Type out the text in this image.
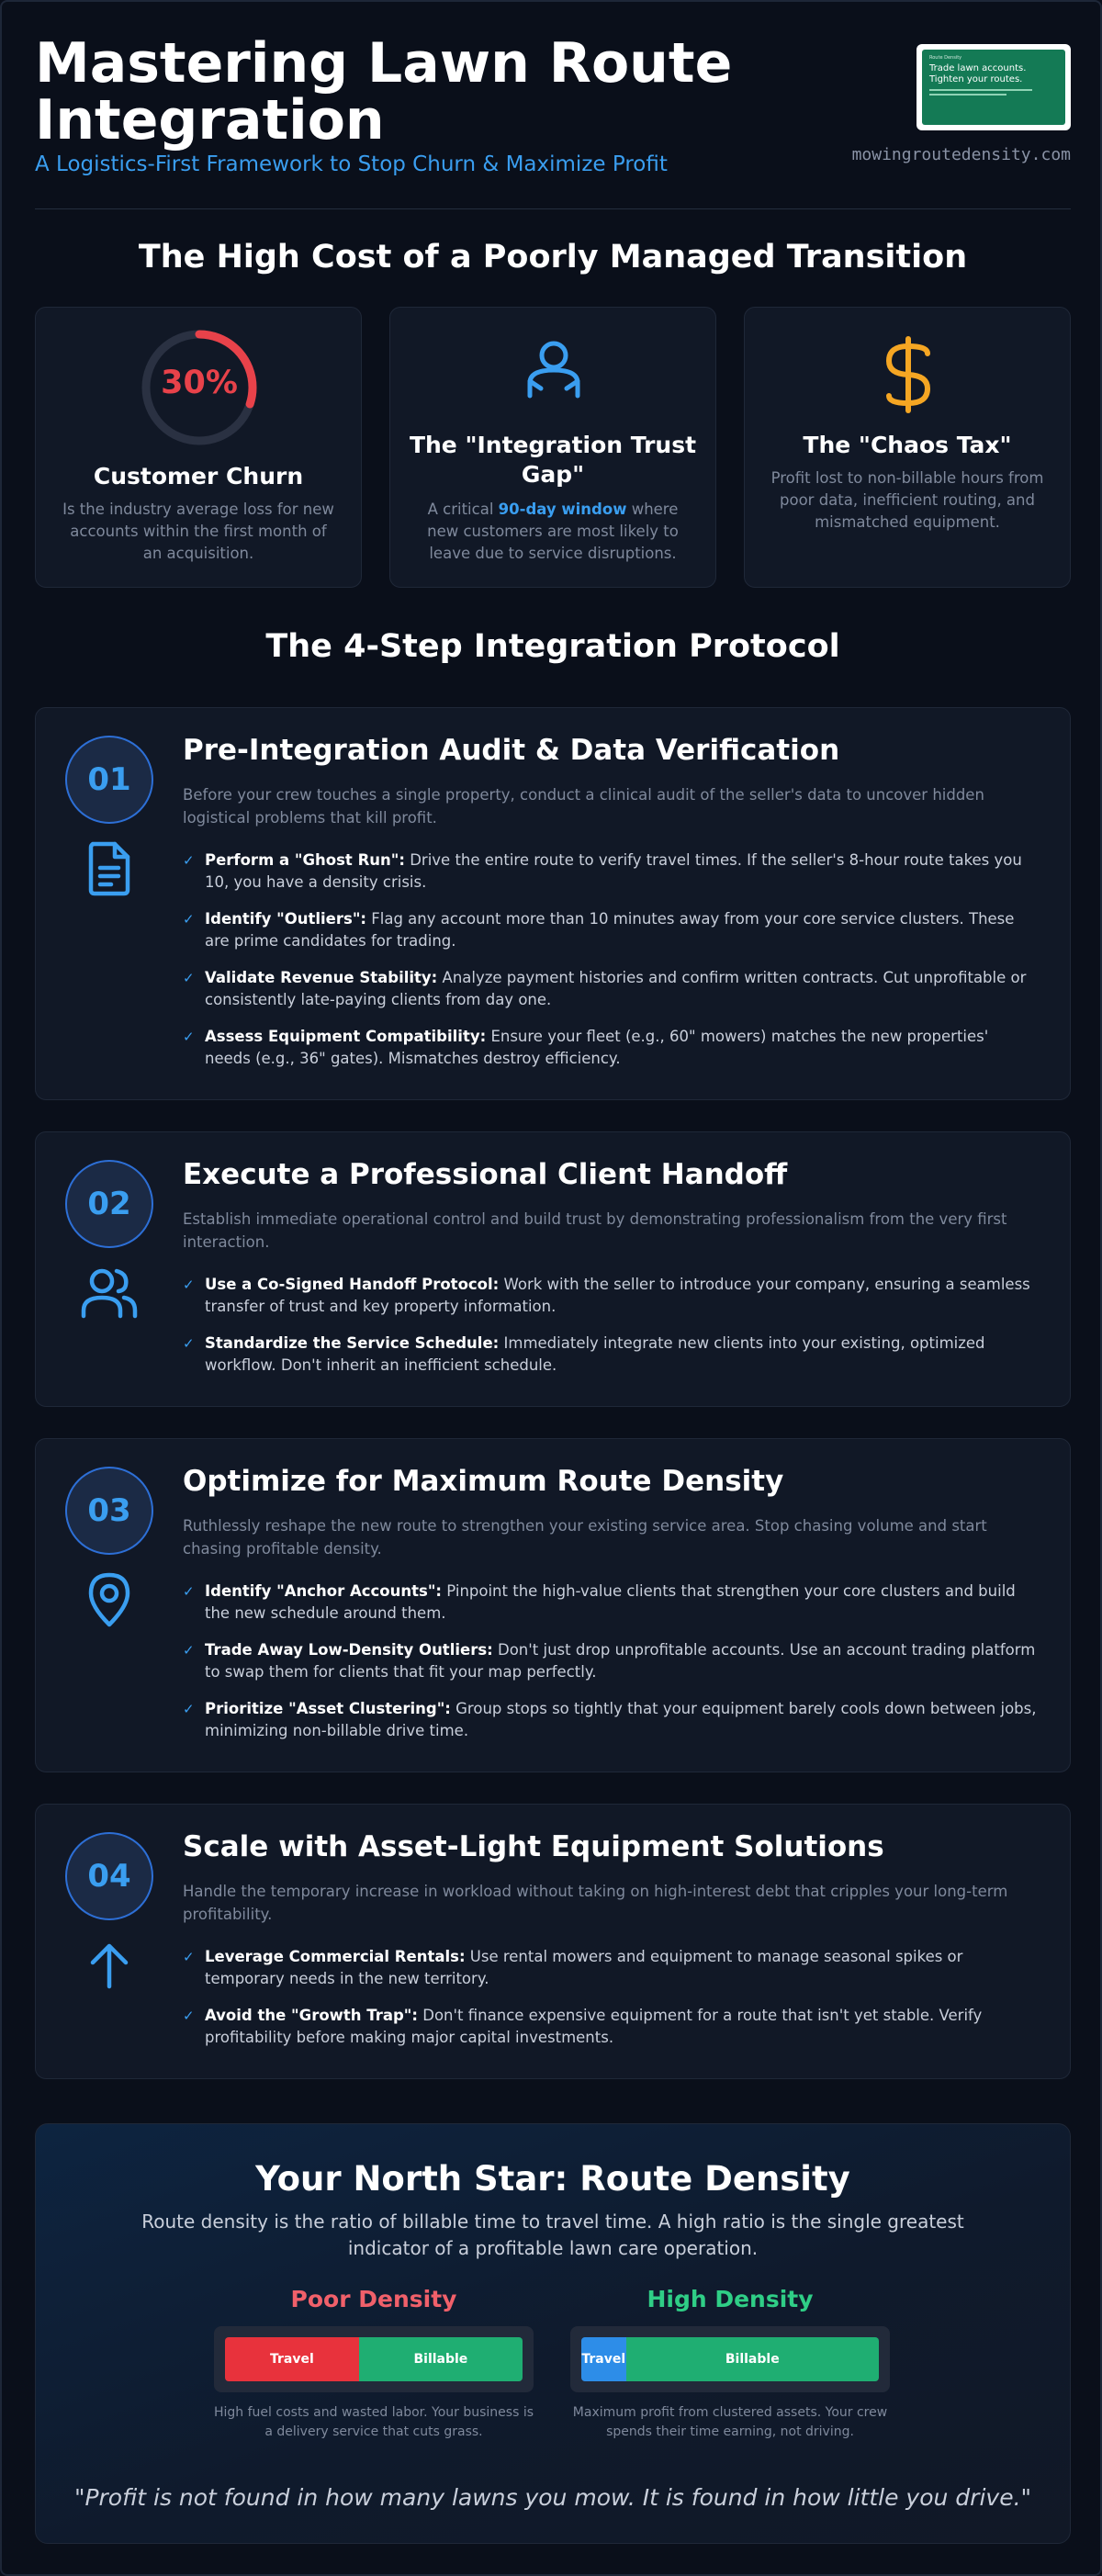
Mastering Lawn Route Integration
A Logistics-First Framework to Stop Churn & Maximize Profit
Route Density
Trade lawn accounts. Tighten your routes.
mowingroutedensity.com
The High Cost of a Poorly Managed Transition
30%
Customer Churn

Is the industry average loss for new accounts within the first month of an acquisition.

The "Integration Trust Gap"

A critical 90-day window where new customers are most likely to leave due to service disruptions.

The "Chaos Tax"

Profit lost to non-billable hours from poor data, inefficient routing, and mismatched equipment.

The 4-Step Integration Protocol
01
Pre-Integration Audit & Data Verification
Before your crew touches a single property, conduct a clinical audit of the seller's data to uncover hidden logistical problems that kill profit.
✓ Perform a "Ghost Run": Drive the entire route to verify travel times. If the seller's 8-hour route takes you 10, you have a density crisis.
✓ Identify "Outliers": Flag any account more than 10 minutes away from your core service clusters. These are prime candidates for trading.
✓ Validate Revenue Stability: Analyze payment histories and confirm written contracts. Cut unprofitable or consistently late-paying clients from day one.
✓ Assess Equipment Compatibility: Ensure your fleet (e.g., 60" mowers) matches the new properties' needs (e.g., 36" gates). Mismatches destroy efficiency.
02
Execute a Professional Client Handoff
Establish immediate operational control and build trust by demonstrating professionalism from the very first interaction.
✓ Use a Co-Signed Handoff Protocol: Work with the seller to introduce your company, ensuring a seamless transfer of trust and key property information.
✓ Standardize the Service Schedule: Immediately integrate new clients into your existing, optimized workflow. Don't inherit an inefficient schedule.
03
Optimize for Maximum Route Density
Ruthlessly reshape the new route to strengthen your existing service area. Stop chasing volume and start chasing profitable density.
✓ Identify "Anchor Accounts": Pinpoint the high-value clients that strengthen your core clusters and build the new schedule around them.
✓ Trade Away Low-Density Outliers: Don't just drop unprofitable accounts. Use an account trading platform to swap them for clients that fit your map perfectly.
✓ Prioritize "Asset Clustering": Group stops so tightly that your equipment barely cools down between jobs, minimizing non-billable drive time.
04
Scale with Asset-Light Equipment Solutions
Handle the temporary increase in workload without taking on high-interest debt that cripples your long-term profitability.
✓ Leverage Commercial Rentals: Use rental mowers and equipment to manage seasonal spikes or temporary needs in the new territory.
✓ Avoid the "Growth Trap": Don't finance expensive equipment for a route that isn't yet stable. Verify profitability before making major capital investments.
Your North Star: Route Density
Route density is the ratio of billable time to travel time. A high ratio is the single greatest indicator of a profitable lawn care operation.
Poor Density
Travel	Billable
High fuel costs and wasted labor. Your business is a delivery service that cuts grass.
High Density
Travel	Billable
Maximum profit from clustered assets. Your crew spends their time earning, not driving.
"Profit is not found in how many lawns you mow. It is found in how little you drive."
